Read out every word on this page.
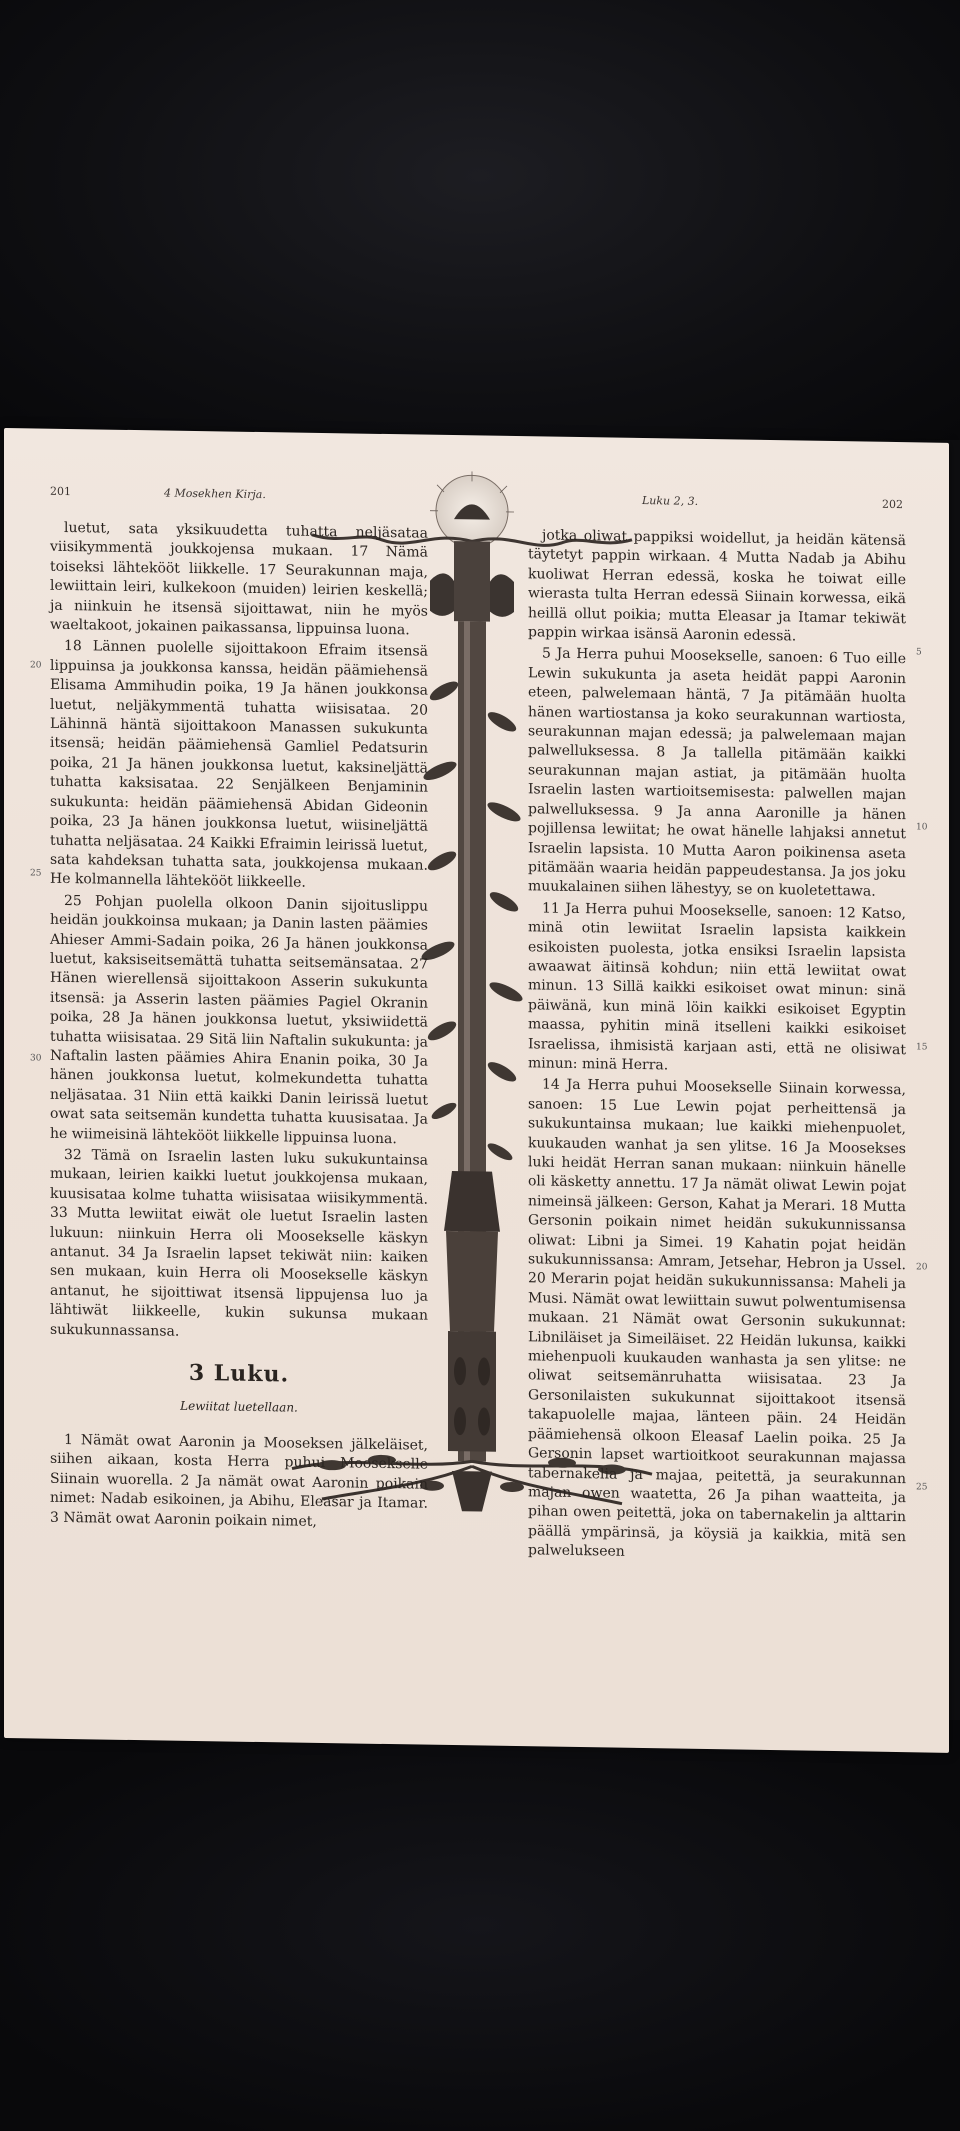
201	4 Mosekhen Kirja.	Luku 2, 3.	202

luetut, sata yksikuudetta tuhatta neljäsataa viisikymmentä joukkojensa mukaan. 17 Nämä toiseksi lähtekööt liikkelle. 17 Seurakunnan maja, lewiittain leiri, kulkekoon (muiden) leirien keskellä; ja niinkuin he itsensä sijoittawat, niin he myös waeltakoot, jokainen paikassansa, lippuinsa luona.

18 Lännen puolelle sijoittakoon Efraim itsensä lippuinsa ja joukkonsa kanssa, heidän päämiehensä Elisama Ammihudin poika, 19 Ja hänen joukkonsa luetut, neljäkymmentä tuhatta wiisisataa. 20 Lähinnä häntä sijoittakoon Manassen sukukunta itsensä; heidän päämiehensä Gamliel Pedatsurin poika, 21 Ja hänen joukkonsa luetut, kaksineljättä tuhatta kaksisataa. 22 Senjälkeen Benjaminin sukukunta: heidän päämiehensä Abidan Gideonin poika, 23 Ja hänen joukkonsa luetut, wiisineljättä tuhatta neljäsataa. 24 Kaikki Efraimin leirissä luetut, sata kahdeksan tuhatta sata, joukkojensa mukaan. He kolmannella lähtekööt liikkeelle.

25 Pohjan puolella olkoon Danin sijoituslippu heidän joukkoinsa mukaan; ja Danin lasten päämies Ahieser Ammi-Sadain poika, 26 Ja hänen joukkonsa luetut, kaksiseitsemättä tuhatta seitsemänsataa. 27 Hänen wierellensä sijoittakoon Asserin sukukunta itsensä: ja Asserin lasten päämies Pagiel Okranin poika, 28 Ja hänen joukkonsa luetut, yksiwiidettä tuhatta wiisisataa. 29 Sitä liin Naftalin sukukunta: ja Naftalin lasten päämies Ahira Enanin poika, 30 Ja hänen joukkonsa luetut, kolmekundetta tuhatta neljäsataa. 31 Niin että kaikki Danin leirissä luetut owat sata seitsemän kundetta tuhatta kuusisataa. Ja he wiimeisinä lähtekööt liikkelle lippuinsa luona.

32 Tämä on Israelin lasten luku sukukuntainsa mukaan, leirien kaikki luetut joukkojensa mukaan, kuusisataa kolme tuhatta wiisisataa wiisikymmentä. 33 Mutta lewiitat eiwät ole luetut Israelin lasten lukuun: niinkuin Herra oli Moosekselle käskyn antanut. 34 Ja Israelin lapset tekiwät niin: kaiken sen mukaan, kuin Herra oli Moosekselle käskyn antanut, he sijoittiwat itsensä lippujensa luo ja lähtiwät liikkeelle, kukin sukunsa mukaan sukukunnassansa.

3 Luku.
Lewiitat luetellaan.

1 Nämät owat Aaronin ja Mooseksen jälkeläiset, siihen aikaan, kosta Herra puhui Moosekselle Siinain wuorella. 2 Ja nämät owat Aaronin poikain nimet: Nadab esikoinen, ja Abihu, Eleasar ja Itamar. 3 Nämät owat Aaronin poikain nimet,

jotka oliwat pappiksi woidellut, ja heidän kätensä täytetyt pappin wirkaan. 4 Mutta Nadab ja Abihu kuoliwat Herran edessä, koska he toiwat eille wierasta tulta Herran edessä Siinain korwessa, eikä heillä ollut poikia; mutta Eleasar ja Itamar tekiwät pappin wirkaa isänsä Aaronin edessä.

5 Ja Herra puhui Moosekselle, sanoen: 6 Tuo eille Lewin sukukunta ja aseta heidät pappi Aaronin eteen, palwelemaan häntä, 7 Ja pitämään huolta hänen wartiostansa ja koko seurakunnan wartiosta, seurakunnan majan edessä; ja palwelemaan majan palwelluksessa. 8 Ja tallella pitämään kaikki seurakunnan majan astiat, ja pitämään huolta Israelin lasten wartioitsemisesta: palwellen majan palwelluksessa. 9 Ja anna Aaronille ja hänen pojillensa lewiitat; he owat hänelle lahjaksi annetut Israelin lapsista. 10 Mutta Aaron poikinensa aseta pitämään waaria heidän pappeudestansa. Ja jos joku muukalainen siihen lähestyy, se on kuoletettawa.

11 Ja Herra puhui Moosekselle, sanoen: 12 Katso, minä otin lewiitat Israelin lapsista kaikkein esikoisten puolesta, jotka ensiksi Israelin lapsista awaawat äitinsä kohdun; niin että lewiitat owat minun. 13 Sillä kaikki esikoiset owat minun: sinä päiwänä, kun minä löin kaikki esikoiset Egyptin maassa, pyhitin minä itselleni kaikki esikoiset Israelissa, ihmisistä karjaan asti, että ne olisiwat minun: minä Herra.

14 Ja Herra puhui Moosekselle Siinain korwessa, sanoen: 15 Lue Lewin pojat perheittensä ja sukukuntainsa mukaan; lue kaikki miehenpuolet, kuukauden wanhat ja sen ylitse. 16 Ja Moosekses luki heidät Herran sanan mukaan: niinkuin hänelle oli käsketty annettu. 17 Ja nämät oliwat Lewin pojat nimeinsä jälkeen: Gerson, Kahat ja Merari. 18 Mutta Gersonin poikain nimet heidän sukukunnissansa oliwat: Libni ja Simei. 19 Kahatin pojat heidän sukukunnissansa: Amram, Jetsehar, Hebron ja Ussel. 20 Merarin pojat heidän sukukunnissansa: Maheli ja Musi. Nämät owat lewiittain suwut polwentumisensa mukaan. 21 Nämät owat Gersonin sukukunnat: Libniläiset ja Simeiläiset. 22 Heidän lukunsa, kaikki miehenpuoli kuukauden wanhasta ja sen ylitse: ne oliwat seitsemänruhatta wiisisataa. 23 Ja Gersonilaisten sukukunnat sijoittakoot itsensä takapuolelle majaa, länteen päin. 24 Heidän päämiehensä olkoon Eleasaf Laelin poika. 25 Ja Gersonin lapset wartioitkoot seurakunnan majassa tabernakelia ja majaa, peitettä, ja seurakunnan majan owen waatetta, 26 Ja pihan waatteita, ja pihan owen peitettä, joka on tabernakelin ja alttarin päällä ympärinsä, ja köysiä ja kaikkia, mitä sen palwelukseen

20
25
30
5
10
15
20
25
